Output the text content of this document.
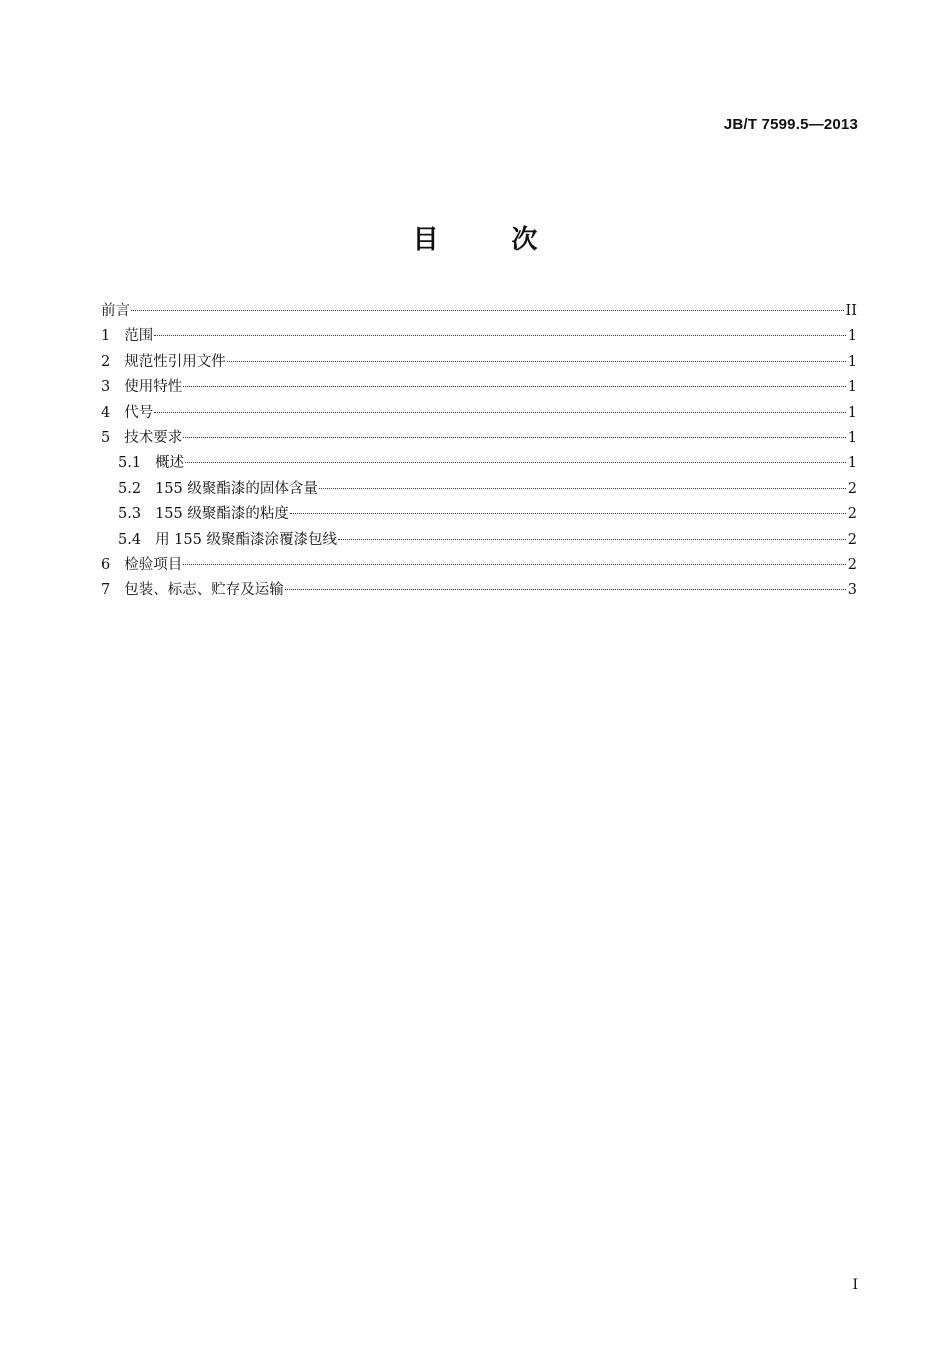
JB/T 7599.5—2013
目　次
前言	II
1 范围	1
2 规范性引用文件	1
3 使用特性	1
4 代号	1
5 技术要求	1
5.1 概述	1
5.2 155 级聚酯漆的固体含量	2
5.3 155 级聚酯漆的粘度	2
5.4 用 155 级聚酯漆涂覆漆包线	2
6 检验项目	2
7 包装、标志、贮存及运输	3
I
